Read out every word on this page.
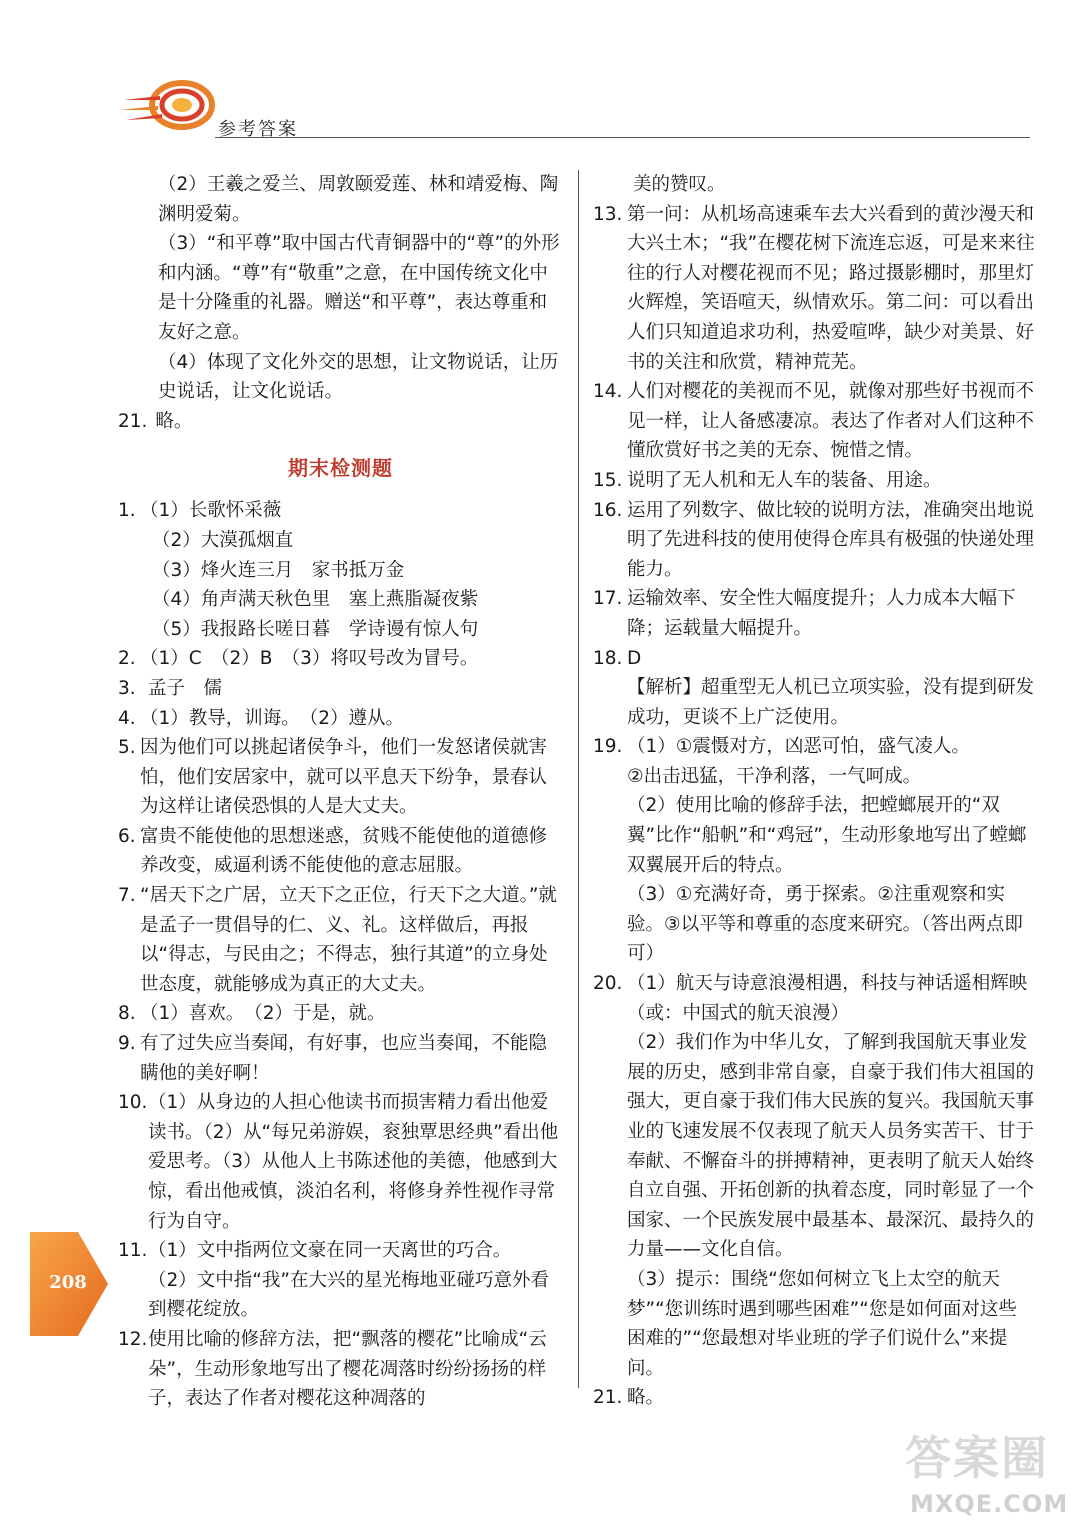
参考答案
（2）王羲之爱兰、周敦颐爱莲、林和靖爱梅、陶渊明爱菊。
（3）“和平尊”取中国古代青铜器中的“尊”的外形和内涵。“尊”有“敬重”之意，在中国传统文化中是十分隆重的礼器。赠送“和平尊”，表达尊重和友好之意。
（4）体现了文化外交的思想，让文物说话，让历史说话，让文化说话。
21. 略。
期末检测题
1. （1）长歌怀采薇
（2）大漠孤烟直
（3）烽火连三月　家书抵万金
（4）角声满天秋色里　塞上燕脂凝夜紫
（5）我报路长嗟日暮　学诗谩有惊人句
2. （1）C　（2）B　（3）将叹号改为冒号。
3. 孟子　儒
4. （1）教导，训诲。　（2）遵从。
5. 因为他们可以挑起诸侯争斗，他们一发怒诸侯就害怕，他们安居家中，就可以平息天下纷争，景春认为这样让诸侯恐惧的人是大丈夫。
6. 富贵不能使他的思想迷惑，贫贱不能使他的道德修养改变，威逼利诱不能使他的意志屈服。
7. “居天下之广居，立天下之正位，行天下之大道。”就是孟子一贯倡导的仁、义、礼。这样做后，再报以“得志，与民由之；不得志，独行其道”的立身处世态度，就能够成为真正的大丈夫。
8. （1）喜欢。　（2）于是，就。
9. 有了过失应当奏闻，有好事，也应当奏闻，不能隐瞒他的美好啊！
10. （1）从身边的人担心他读书而损害精力看出他爱读书。（2）从“每兄弟游娱，衮独覃思经典”看出他爱思考。（3）从他人上书陈述他的美德，他感到大惊，看出他戒慎，淡泊名利，将修身养性视作寻常行为自守。
11. （1）文中指两位文豪在同一天离世的巧合。
（2）文中指“我”在大兴的星光梅地亚碰巧意外看到樱花绽放。
12. 使用比喻的修辞方法，把“飘落的樱花”比喻成“云朵”，生动形象地写出了樱花凋落时纷纷扬扬的样子，表达了作者对樱花这种凋落的
美的赞叹。
13. 第一问：从机场高速乘车去大兴看到的黄沙漫天和大兴土木；“我”在樱花树下流连忘返，可是来来往往的行人对樱花视而不见；路过摄影棚时，那里灯火辉煌，笑语喧天，纵情欢乐。第二问：可以看出人们只知道追求功利，热爱喧哗，缺少对美景、好书的关注和欣赏，精神荒芜。
14. 人们对樱花的美视而不见，就像对那些好书视而不见一样，让人备感凄凉。表达了作者对人们这种不懂欣赏好书之美的无奈、惋惜之情。
15. 说明了无人机和无人车的装备、用途。
16. 运用了列数字、做比较的说明方法，准确突出地说明了先进科技的使用使得仓库具有极强的快递处理能力。
17. 运输效率、安全性大幅度提升；人力成本大幅下降；运载量大幅提升。
18. D
【解析】超重型无人机已立项实验，没有提到研发成功，更谈不上广泛使用。
19. （1）①震慑对方，凶恶可怕，盛气凌人。
②出击迅猛，干净利落，一气呵成。
（2）使用比喻的修辞手法，把螳螂展开的“双翼”比作“船帆”和“鸡冠”，生动形象地写出了螳螂双翼展开后的特点。
（3）①充满好奇，勇于探索。②注重观察和实验。③以平等和尊重的态度来研究。（答出两点即可）
20. （1）航天与诗意浪漫相遇，科技与神话遥相辉映（或：中国式的航天浪漫）
（2）我们作为中华儿女，了解到我国航天事业发展的历史，感到非常自豪，自豪于我们伟大祖国的强大，更自豪于我们伟大民族的复兴。我国航天事业的飞速发展不仅表现了航天人员务实苦干、甘于奉献、不懈奋斗的拼搏精神，更表明了航天人始终自立自强、开拓创新的执着态度，同时彰显了一个国家、一个民族发展中最基本、最深沉、最持久的力量——文化自信。
（3）提示：围绕“您如何树立飞上太空的航天梦”“您训练时遇到哪些困难”“您是如何面对这些困难的”“您最想对毕业班的学子们说什么”来提问。
21. 略。
208
答案圈
MXQE.COM
